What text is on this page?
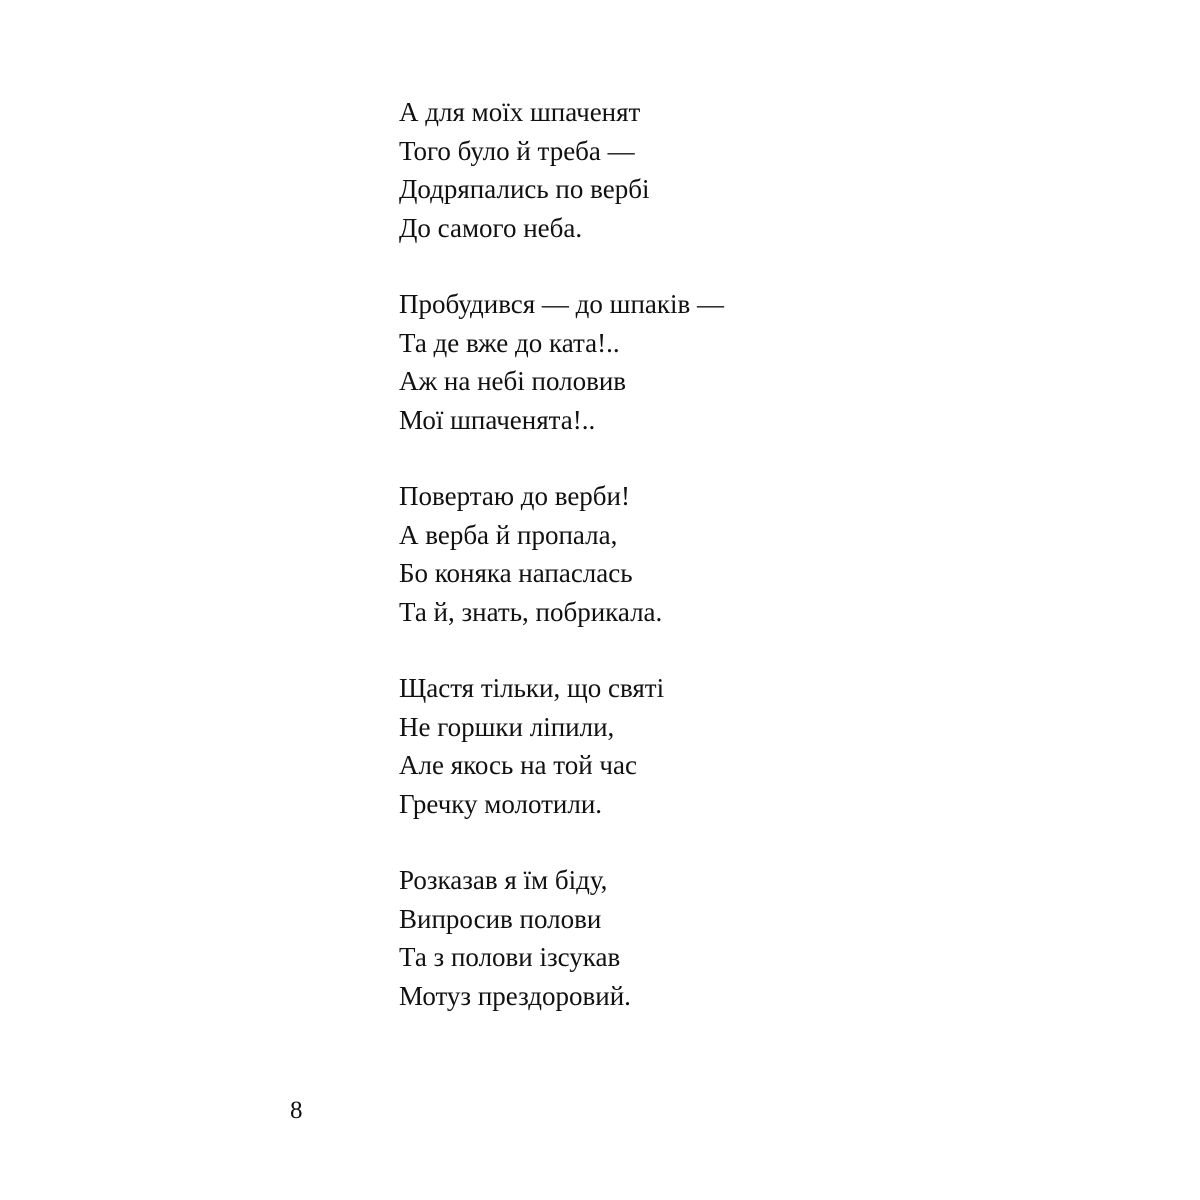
А для моїх шпаченят
Того було й треба —
Додряпались по вербі
До самого неба.
Пробудився — до шпаків —
Та де вже до ката!..
Аж на небі половив
Мої шпаченята!..
Повертаю до верби!
А верба й пропала,
Бо коняка напаслась
Та й, знать, побрикала.
Щастя тільки, що святі
Не горшки ліпили,
Але якось на той час
Гречку молотили.
Розказав я їм біду,
Випросив полови
Та з полови ізсукав
Мотуз прездоровий.
8
